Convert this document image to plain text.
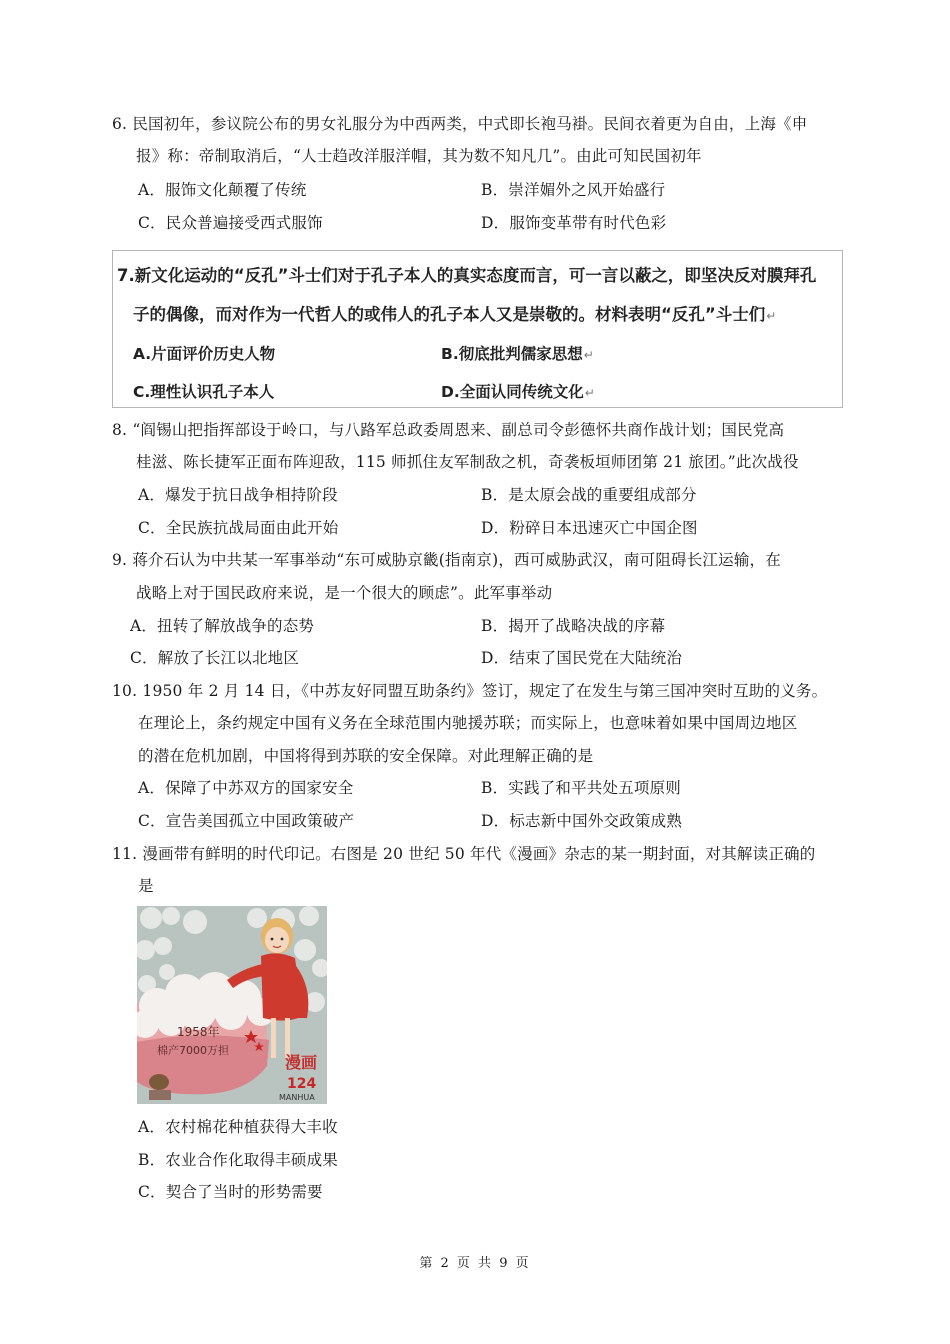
6. 民国初年，参议院公布的男女礼服分为中西两类，中式即长袍马褂。民间衣着更为自由，上海《申
报》称：帝制取消后，“人士趋改洋服洋帽，其为数不知凡几”。由此可知民国初年
A．服饰文化颠覆了传统	B．崇洋媚外之风开始盛行
C．民众普遍接受西式服饰	D．服饰变革带有时代色彩
7.新文化运动的“反孔”斗士们对于孔子本人的真实态度而言，可一言以蔽之，即坚决反对膜拜孔
子的偶像，而对作为一代哲人的或伟人的孔子本人又是崇敬的。材料表明“反孔”斗士们↵
A.片面评价历史人物	B.彻底批判儒家思想↵
C.理性认识孔子本人	D.全面认同传统文化↵
8. “阎锡山把指挥部设于岭口，与八路军总政委周恩来、副总司令彭德怀共商作战计划；国民党高
桂滋、陈长捷军正面布阵迎敌，115 师抓住友军制敌之机，奇袭板垣师团第 21 旅团。”此次战役
A．爆发于抗日战争相持阶段	B．是太原会战的重要组成部分
C．全民族抗战局面由此开始	D．粉碎日本迅速灭亡中国企图
9. 蒋介石认为中共某一军事举动“东可威胁京畿(指南京)，西可威胁武汉，南可阻碍长江运输，在
战略上对于国民政府来说，是一个很大的顾虑”。此军事举动
A．扭转了解放战争的态势	B．揭开了战略决战的序幕
C．解放了长江以北地区	D．结束了国民党在大陆统治
10. 1950 年 2 月 14 日，《中苏友好同盟互助条约》签订，规定了在发生与第三国冲突时互助的义务。
在理论上，条约规定中国有义务在全球范围内驰援苏联；而实际上，也意味着如果中国周边地区
的潜在危机加剧，中国将得到苏联的安全保障。对此理解正确的是
A．保障了中苏双方的国家安全	B．实践了和平共处五项原则
C．宣告美国孤立中国政策破产	D．标志新中国外交政策成熟
11. 漫画带有鲜明的时代印记。右图是 20 世纪 50 年代《漫画》杂志的某一期封面，对其解读正确的
是
1958年
棉产7000万担
漫画
124
MANHUA
A．农村棉花种植获得大丰收
B．农业合作化取得丰硕成果
C．契合了当时的形势需要
第 2 页 共 9 页
